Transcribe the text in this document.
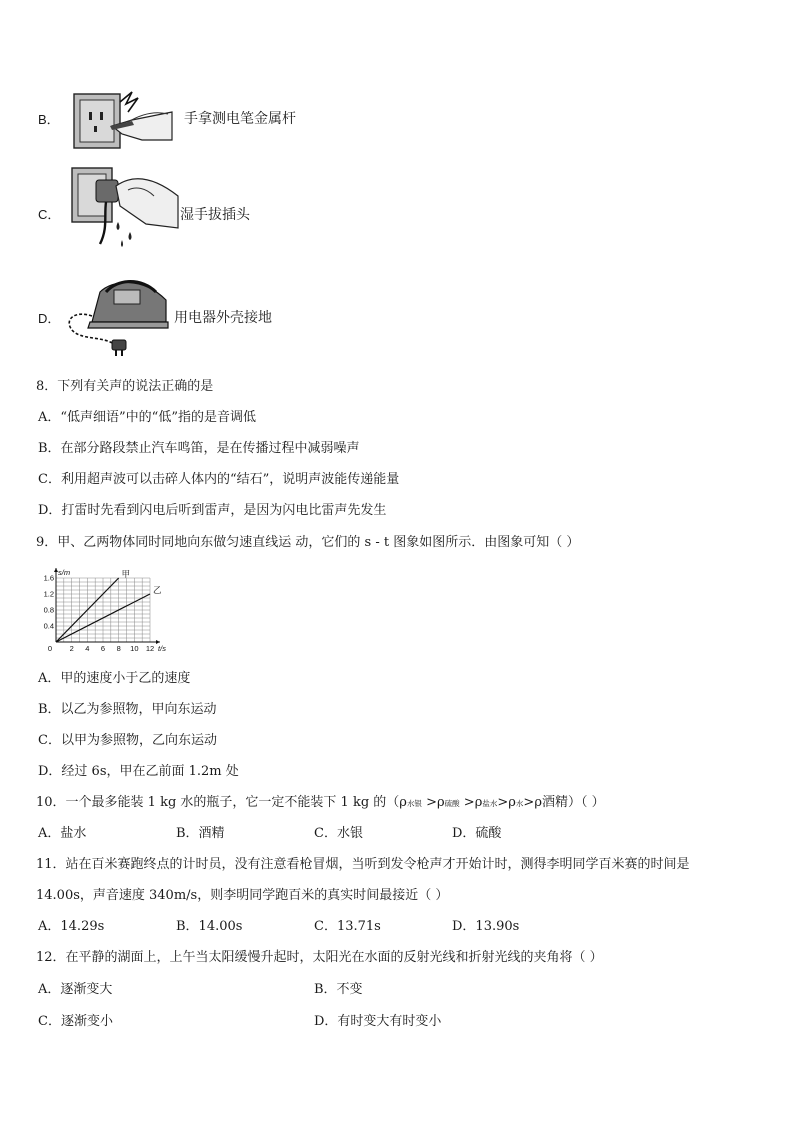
B．	手拿测电笔金属杆
C．	湿手拔插头
D．	用电器外壳接地
8．下列有关声的说法正确的是
A．“低声细语”中的“低”指的是音调低
B．在部分路段禁止汽车鸣笛，是在传播过程中减弱噪声
C．利用超声波可以击碎人体内的“结石”，说明声波能传递能量
D．打雷时先看到闪电后听到雷声，是因为闪电比雷声先发生
9．甲、乙两物体同时同地向东做匀速直线运 动，它们的 s - t 图象如图所示．由图象可知（ ）
2 4 6 8 10 12
0.4
0.8
1.2
1.6
0	t/s
s/m	甲
乙
A．甲的速度小于乙的速度
B．以乙为参照物，甲向东运动
C．以甲为参照物，乙向东运动
D．经过 6s，甲在乙前面 1.2m 处
10．一个最多能装 1 kg 水的瓶子，它一定不能装下 1 kg 的（ρ水银 >ρ硫酸 >ρ盐水>ρ水>ρ酒精）（ ）
A．盐水	B．酒精	C．水银	D．硫酸
11．站在百米赛跑终点的计时员，没有注意看枪冒烟，当听到发令枪声才开始计时，测得李明同学百米赛的时间是
14.00s，声音速度 340m/s，则李明同学跑百米的真实时间最接近（ ）
A．14.29s	B．14.00s	C．13.71s	D．13.90s
12．在平静的湖面上，上午当太阳缓慢升起时，太阳光在水面的反射光线和折射光线的夹角将（ ）
A．逐渐变大	B．不变
C．逐渐变小	D．有时变大有时变小
